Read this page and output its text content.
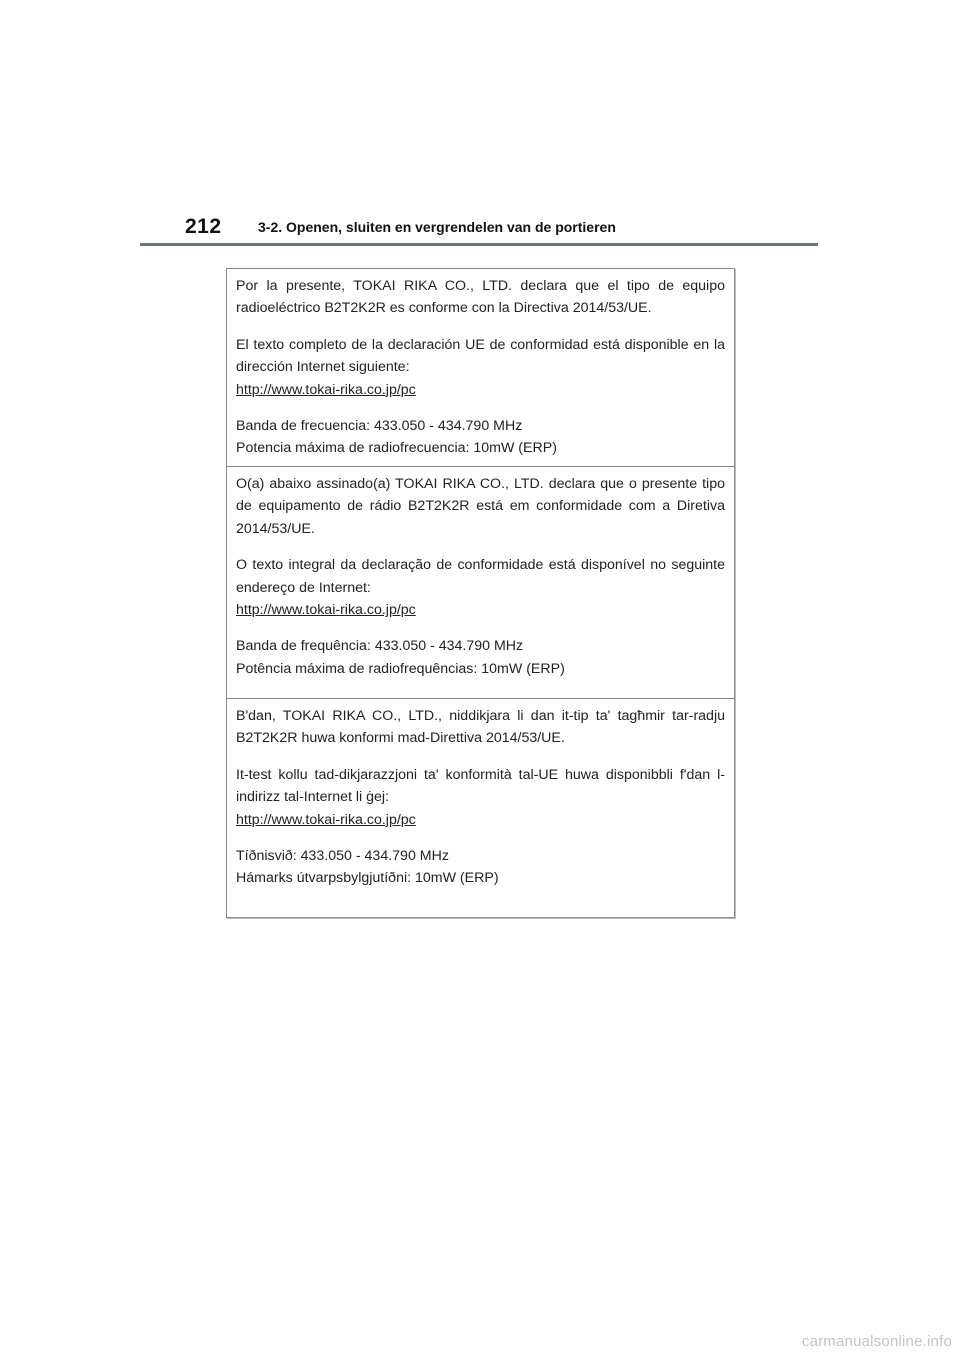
212	3-2. Openen, sluiten en vergrendelen van de portieren

Por la presente, TOKAI RIKA CO., LTD. declara que el tipo de equipo radioeléctrico B2T2K2R es conforme con la Directiva 2014/53/UE.

El texto completo de la declaración UE de conformidad está disponible en la dirección Internet siguiente:

http://www.tokai-rika.co.jp/pc

Banda de frecuencia: 433.050 - 434.790 MHz

Potencia máxima de radiofrecuencia: 10mW (ERP)

O(a) abaixo assinado(a) TOKAI RIKA CO., LTD. declara que o presente tipo de equipamento de rádio B2T2K2R está em conformidade com a Diretiva 2014/53/UE.

O texto integral da declaração de conformidade está disponível no seguinte endereço de Internet:

http://www.tokai-rika.co.jp/pc

Banda de frequência: 433.050 - 434.790 MHz

Potência máxima de radiofrequências: 10mW (ERP)

B'dan, TOKAI RIKA CO., LTD., niddikjara li dan it-tip ta' tagħmir tar-radju B2T2K2R huwa konformi mad-Direttiva 2014/53/UE.

It-test kollu tad-dikjarazzjoni ta' konformità tal-UE huwa disponibbli f'dan l-indirizz tal-Internet li ġej:

http://www.tokai-rika.co.jp/pc

Tíðnisvið: 433.050 - 434.790 MHz

Hámarks útvarpsbylgjutíðni: 10mW (ERP)

carmanualsonline.info
